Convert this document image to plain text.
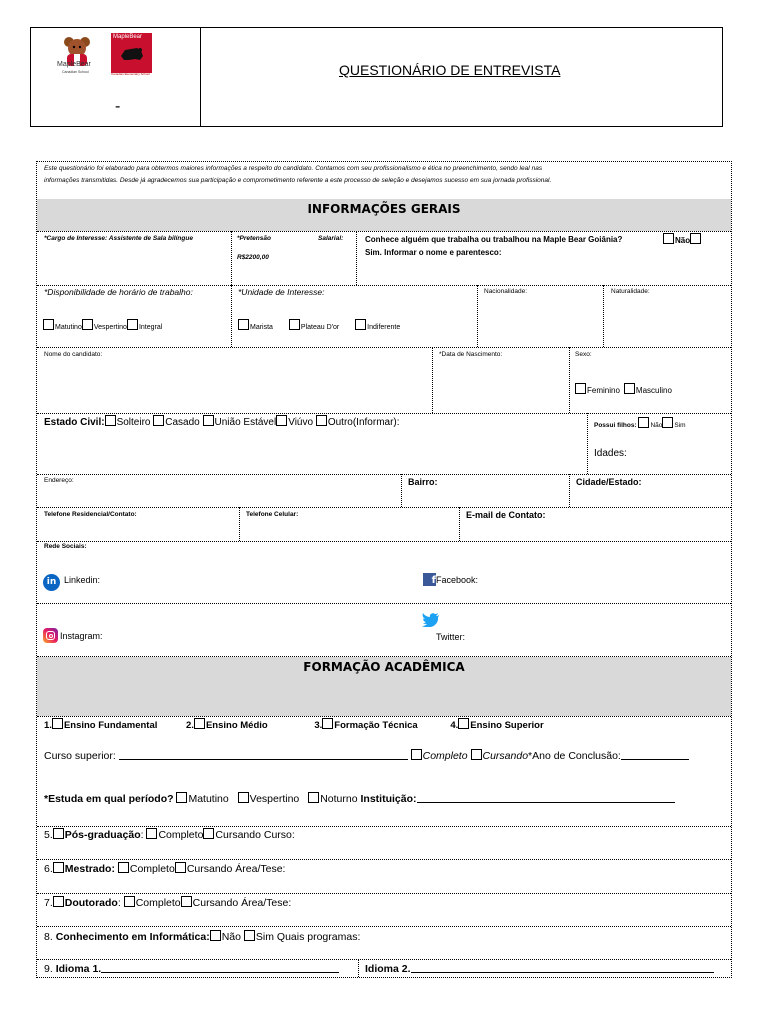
MapleBear
Canadian School
MapleBear
Canadian Elementary School
-
QUESTIONÁRIO DE ENTREVISTA
Este questionário foi elaborado para obtermos maiores informações a respeito do candidato. Contamos com seu profissionalismo e ética no preenchimento, sendo leal nas
informações transmitidas. Desde já agradecemos sua participação e comprometimento referente a este processo de seleção e desejamos sucesso em sua jornada profissional.
INFORMAÇÕES GERAIS
*Cargo de Interesse: Assistente de Sala bilíngue	*Pretensão	Salarial:
R$2200,00
Conhece alguém que trabalha ou trabalhou na Maple Bear Goiânia?	Não
Sim. Informar o nome e parentesco:
*Disponibilidade de horário de trabalho:
Matutino Vespertino Integral
*Unidade de Interesse:
Marista	Plateau D'or	Indiferente
Nacionalidade:	Naturalidade:
Nome do candidato:	*Data de Nascimento:	Sexo:
Feminino Masculino
Estado Civil: Solteiro Casado União Estável Viúvo Outro(Informar):	Possui filhos: Não Sim
Idades:
Endereço:	Bairro:	Cidade/Estado:
Telefone Residencial/Contato:	Telefone Celular:	E-mail de Contato:
Rede Sociais:
in Linkedin:	f Facebook:
Instagram:	Twitter:
FORMAÇÃO ACADÊMICA
1. Ensino Fundamental	2. Ensino Médio	3. Formação Técnica	4. Ensino Superior
Curso superior:	Completo Cursando*Ano de Conclusão:
*Estuda em qual período? Matutino Vespertino Noturno Instituição:
5. Pós-graduação: Completo Cursando Curso:
6. Mestrado: Completo Cursando Área/Tese:
7. Doutorado: Completo Cursando Área/Tese:
8. Conhecimento em Informática: Não Sim Quais programas:
9. Idioma 1.	Idioma 2.
